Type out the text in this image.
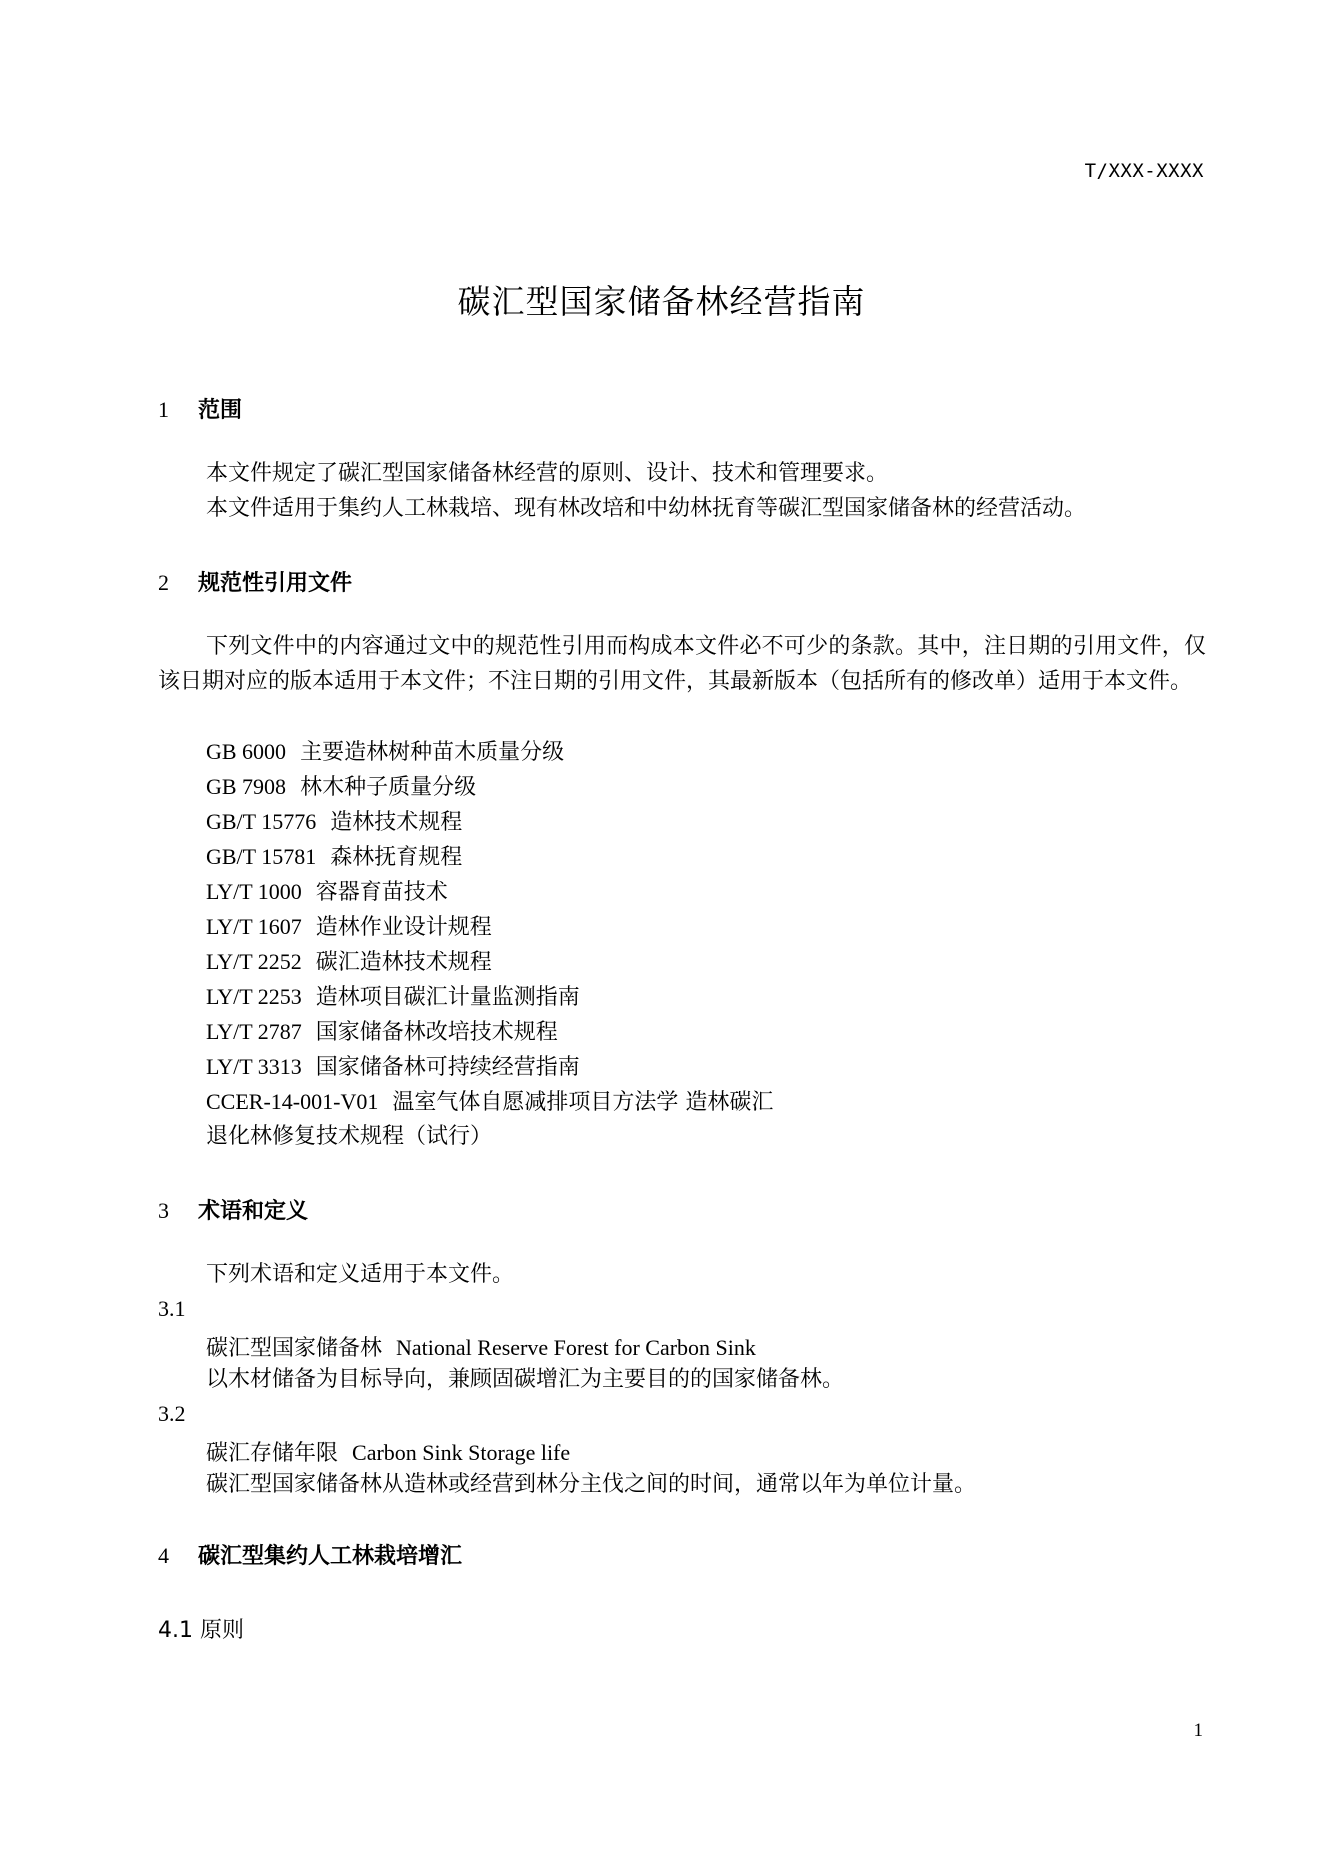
T/XXX-XXXX
碳汇型国家储备林经营指南
1 范围
本文件规定了碳汇型国家储备林经营的原则、设计、技术和管理要求。
本文件适用于集约人工林栽培、现有林改培和中幼林抚育等碳汇型国家储备林的经营活动。
2 规范性引用文件
下列文件中的内容通过文中的规范性引用而构成本文件必不可少的条款。其中，注日期的引用文件，仅该日期对应的版本适用于本文件；不注日期的引用文件，其最新版本（包括所有的修改单）适用于本文件。
GB 6000 主要造林树种苗木质量分级
GB 7908 林木种子质量分级
GB/T 15776 造林技术规程
GB/T 15781 森林抚育规程
LY/T 1000 容器育苗技术
LY/T 1607 造林作业设计规程
LY/T 2252 碳汇造林技术规程
LY/T 2253 造林项目碳汇计量监测指南
LY/T 2787 国家储备林改培技术规程
LY/T 3313 国家储备林可持续经营指南
CCER-14-001-V01 温室气体自愿减排项目方法学 造林碳汇
退化林修复技术规程（试行）
3 术语和定义
下列术语和定义适用于本文件。
3.1
碳汇型国家储备林 National Reserve Forest for Carbon Sink
以木材储备为目标导向，兼顾固碳增汇为主要目的的国家储备林。
3.2
碳汇存储年限 Carbon Sink Storage life
碳汇型国家储备林从造林或经营到林分主伐之间的时间，通常以年为单位计量。
4 碳汇型集约人工林栽培增汇
4.1 原则
1
